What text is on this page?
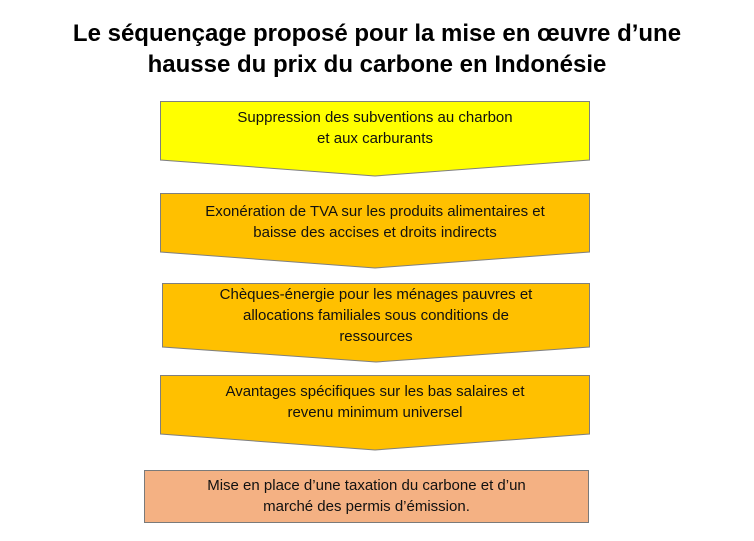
Le séquençage proposé pour la mise en œuvre d’une
hausse du prix du carbone en Indonésie
Suppression des subventions au charbon
et aux carburants
Exonération de TVA sur les produits alimentaires et
baisse des accises et droits indirects
Chèques-énergie pour les ménages pauvres et
allocations familiales sous conditions de
ressources
Avantages spécifiques sur les bas salaires et
revenu minimum universel
Mise en place d’une taxation du carbone et d’un
marché des permis d’émission.
